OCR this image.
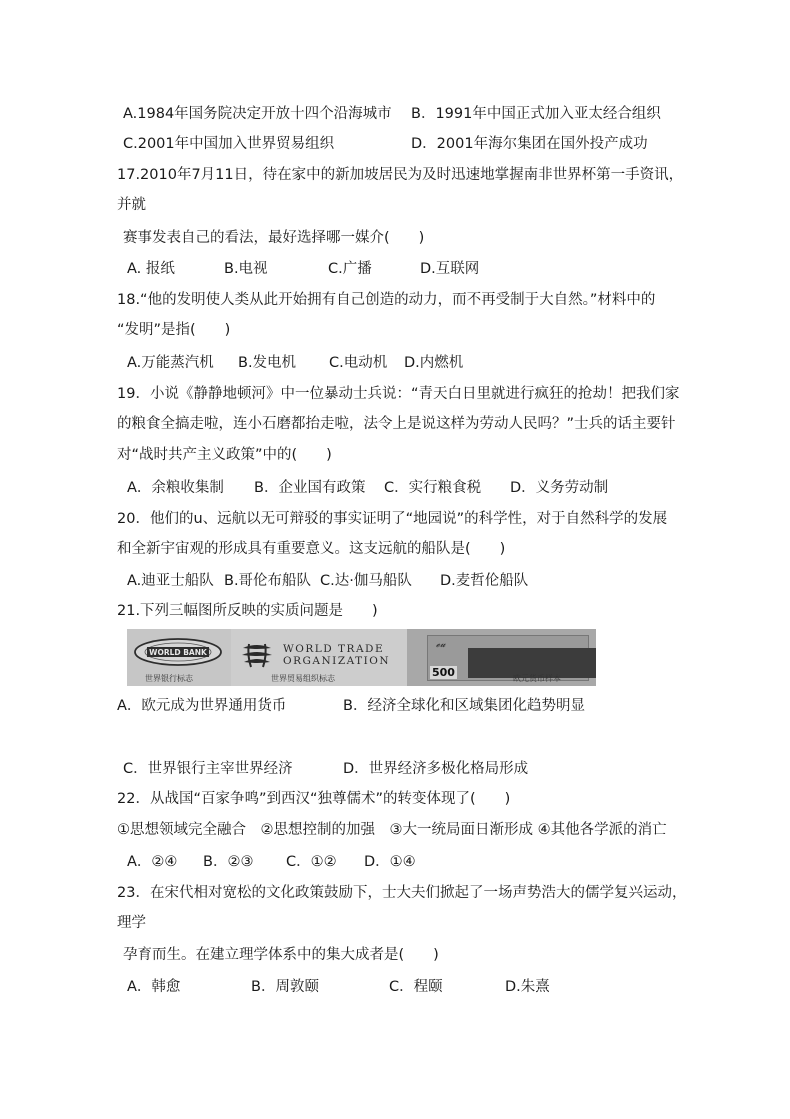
A.1984年国务院决定开放十四个沿海城市 B．1991年中国正式加入亚太经合组织
C.2001年中国加入世界贸易组织	D．2001年海尔集团在国外投产成功
17.2010年7月11日，待在家中的新加坡居民为及时迅速地掌握南非世界杯第一手资讯，
并就
赛事发表自己的看法，最好选择哪一媒介(　　)
A. 报纸	B.电视	C.广播	D.互联网
18.“他的发明使人类从此开始拥有自己创造的动力，而不再受制于大自然。”材料中的
“发明”是指(　　)
A.万能蒸汽机 B.发电机 C.电动机 D.内燃机
19．小说《静静地顿河》中一位暴动士兵说：“青天白日里就进行疯狂的抢劫！把我们家
的粮食全搞走啦，连小石磨都抬走啦，法令上是说这样为劳动人民吗？”士兵的话主要针
对“战时共产主义政策”中的(　　)
A．余粮收集制 B．企业国有政策 C．实行粮食税 D．义务劳动制
20．他们的u、远航以无可辩驳的事实证明了“地园说”的科学性，对于自然科学的发展
和全新宇宙观的形成具有重要意义。这支远航的船队是(　　)
A.迪亚士船队 B.哥伦布船队 C.达·伽马船队 D.麦哲伦船队
21.下列三幅图所反映的实质问题是　　)
WORLD BANK
世界银行标志
WORLD TRADE
ORGANIZATION
世界贸易组织标志
𝓮𝓾
500	欧元货币样本
A．欧元成为世界通用货币	B．经济全球化和区域集团化趋势明显
C．世界银行主宰世界经济	D．世界经济多极化格局形成
22．从战国“百家争鸣”到西汉“独尊儒术”的转变体现了(　　)
①思想领域完全融合　②思想控制的加强　③大一统局面日渐形成 ④其他各学派的消亡
A．②④ B．②③ C．①② D．①④
23．在宋代相对宽松的文化政策鼓励下，士大夫们掀起了一场声势浩大的儒学复兴运动，
理学
孕育而生。在建立理学体系中的集大成者是(　　)
A．韩愈	B．周敦颐	C．程颐	D.朱熹
